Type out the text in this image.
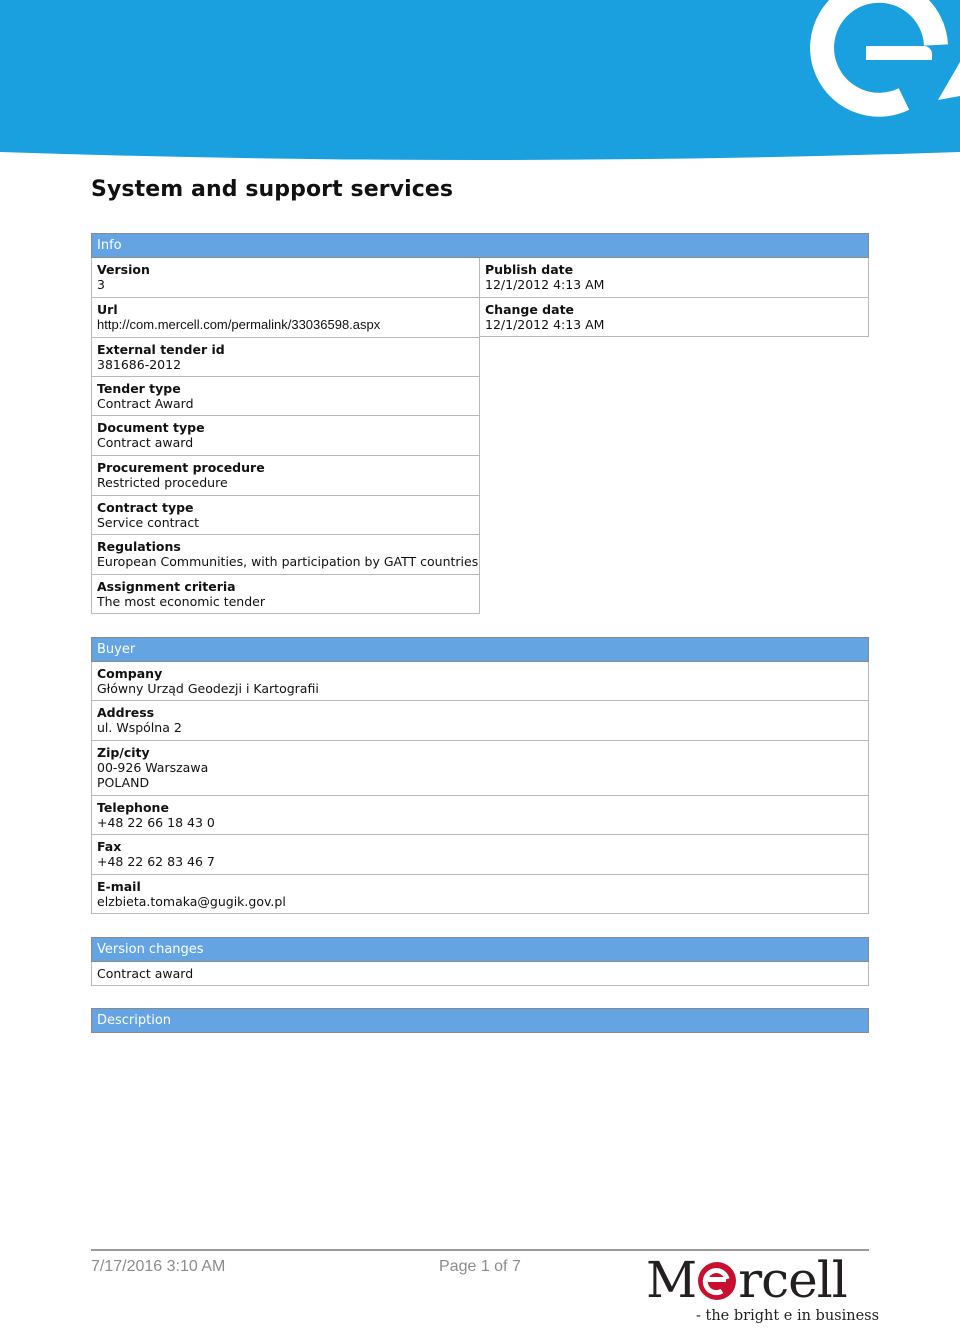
System and support services
Info
Version
3
Url
http://com.mercell.com/permalink/33036598.aspx
External tender id
381686-2012
Tender type
Contract Award
Document type
Contract award
Procurement procedure
Restricted procedure
Contract type
Service contract
Regulations
European Communities, with participation by GATT countries
Assignment criteria
The most economic tender
Publish date
12/1/2012 4:13 AM
Change date
12/1/2012 4:13 AM
Buyer
Company
Główny Urząd Geodezji i Kartografii
Address
ul. Wspólna 2
Zip/city
00-926 Warszawa
POLAND
Telephone
+48 22 66 18 43 0
Fax
+48 22 62 83 46 7
E-mail
elzbieta.tomaka@gugik.gov.pl
Version changes
Contract award
Description
7/17/2016 3:10 AM	Page 1 of 7	M rcell
- the bright e in business
